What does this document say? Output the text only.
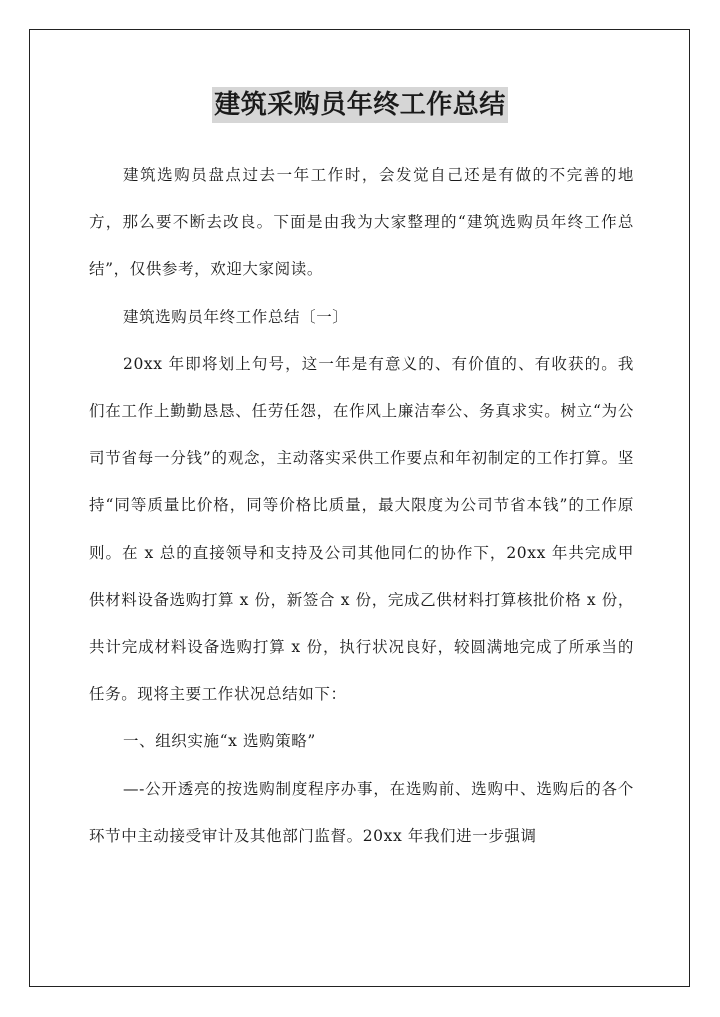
建筑采购员年终工作总结

建筑选购员盘点过去一年工作时，会发觉自己还是有做的不完善的地方，那么要不断去改良。下面是由我为大家整理的“建筑选购员年终工作总结”，仅供参考，欢迎大家阅读。

建筑选购员年终工作总结〔一〕

20xx 年即将划上句号，这一年是有意义的、有价值的、有收获的。我们在工作上勤勤恳恳、任劳任怨，在作风上廉洁奉公、务真求实。树立“为公司节省每一分钱”的观念，主动落实采供工作要点和年初制定的工作打算。坚持“同等质量比价格，同等价格比质量，最大限度为公司节省本钱”的工作原则。在 x 总的直接领导和支持及公司其他同仁的协作下，20xx 年共完成甲供材料设备选购打算 x 份，新签合 x 份，完成乙供材料打算核批价格 x 份，共计完成材料设备选购打算 x 份，执行状况良好，较圆满地完成了所承当的任务。现将主要工作状况总结如下：

一、组织实施“x 选购策略”

—-公开透亮的按选购制度程序办事，在选购前、选购中、选购后的各个环节中主动接受审计及其他部门监督。20xx 年我们进一步强调
